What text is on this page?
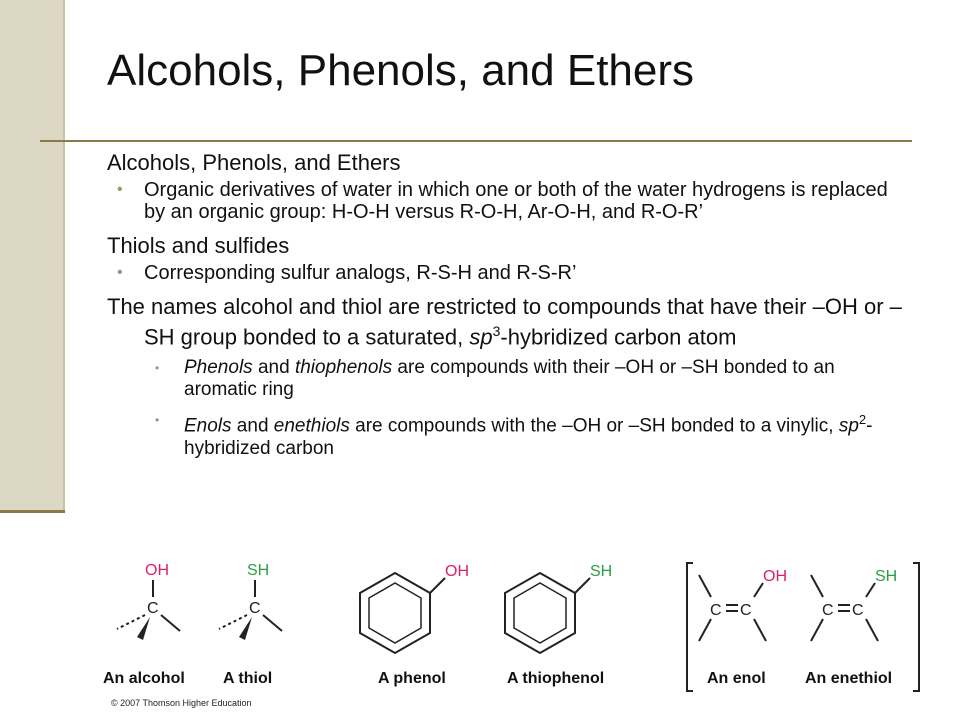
Alcohols, Phenols, and Ethers
Alcohols, Phenols, and Ethers
• Organic derivatives of water in which one or both of the water hydrogens is replaced by an organic group: H-O-H versus R-O-H, Ar-O-H, and R-O-R’
Thiols and sulfides
• Corresponding sulfur analogs, R-S-H and R-S-R’
The names alcohol and thiol are restricted to compounds that have their –OH or –SH group bonded to a saturated, $sp^3$-hybridized carbon atom
• Phenols and thiophenols are compounds with their –OH or –SH bonded to an aromatic ring
• Enols and enethiols are compounds with the –OH or –SH bonded to a vinylic, $sp^2$-hybridized carbon
OH
C
An alcohol
SH
C
A thiol
OH
A phenol
SH
A thiophenol
C C
OH
An enol
C C
SH
An enethiol
© 2007 Thomson Higher Education
